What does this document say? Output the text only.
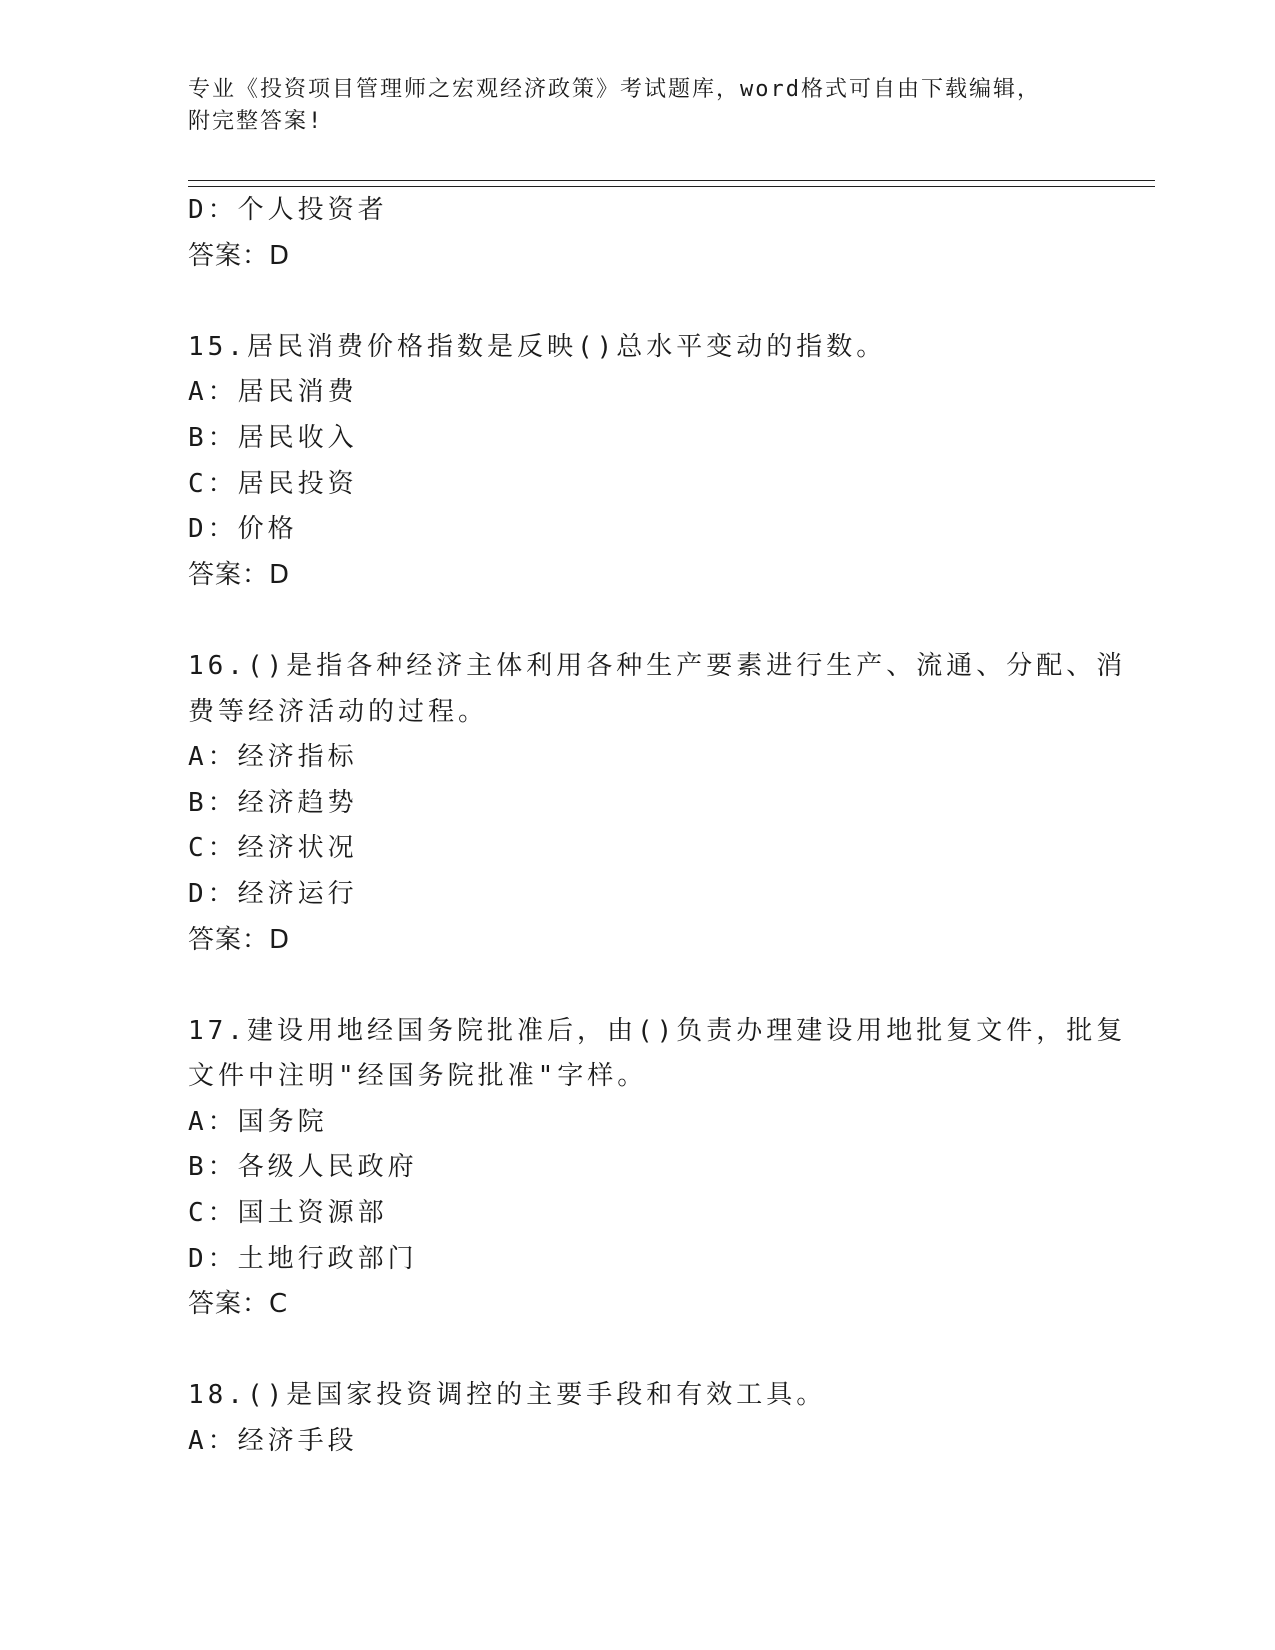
专业《投资项目管理师之宏观经济政策》考试题库，word格式可自由下载编辑，
附完整答案!
D：个人投资者
答案：D
15.居民消费价格指数是反映()总水平变动的指数。
A：居民消费
B：居民收入
C：居民投资
D：价格
答案：D
16.()是指各种经济主体利用各种生产要素进行生产、流通、分配、消
费等经济活动的过程。
A：经济指标
B：经济趋势
C：经济状况
D：经济运行
答案：D
17.建设用地经国务院批准后，由()负责办理建设用地批复文件，批复
文件中注明"经国务院批准"字样。
A：国务院
B：各级人民政府
C：国土资源部
D：土地行政部门
答案：C
18.()是国家投资调控的主要手段和有效工具。
A：经济手段
